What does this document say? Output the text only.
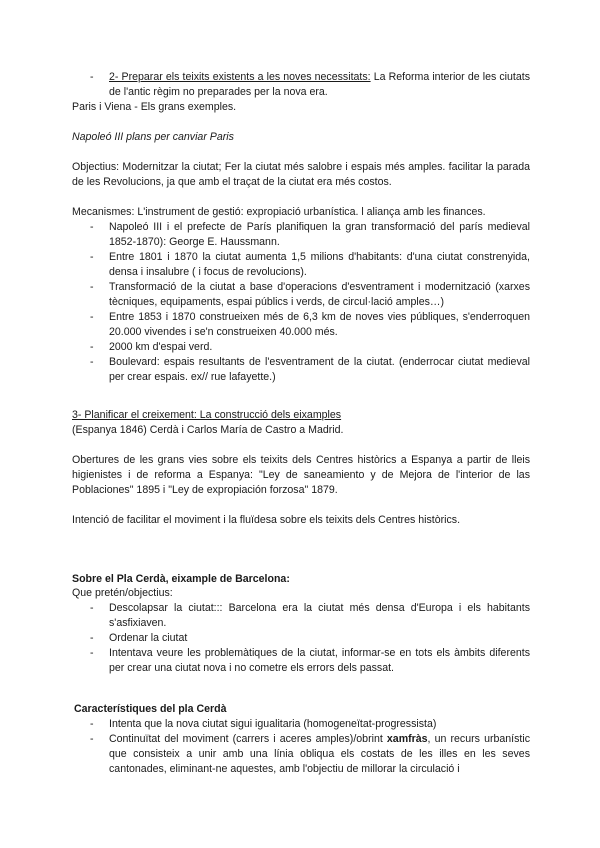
- 2- Preparar els teixits existents a les noves necessitats: La Reforma interior de les ciutats de l'antic règim no preparades per la nova era.

Paris i Viena - Els grans exemples.

Napoleó III plans per canviar Paris

Objectius: Modernitzar la ciutat; Fer la ciutat més salobre i espais més amples. facilitar la parada de les Revolucions, ja que amb el traçat de la ciutat era més costos.

Mecanismes: L'instrument de gestió: expropiació urbanística. l aliança amb les finances.

- Napoleó III i el prefecte de París planifiquen la gran transformació del parís medieval 1852-1870): George E. Haussmann.
- Entre 1801 i 1870 la ciutat aumenta 1,5 milions d'habitants: d'una ciutat constrenyida, densa i insalubre ( i focus de revolucions).
- Transformació de la ciutat a base d'operacions d'esventrament i modernització (xarxes tècniques, equipaments, espai públics i verds, de circul·lació amples…)
- Entre 1853 i 1870 construeixen més de 6,3 km de noves vies públiques, s'enderroquen 20.000 vivendes i se'n construeixen 40.000 més.
- 2000 km d'espai verd.
- Boulevard: espais resultants de l'esventrament de la ciutat. (enderrocar ciutat medieval per crear espais. ex// rue lafayette.)

3- Planificar el creixement: La construcció dels eixamples

(Espanya 1846) Cerdà i Carlos María de Castro a Madrid.

Obertures de les grans vies sobre els teixits dels Centres històrics a Espanya a partir de lleis higienistes i de reforma a Espanya: "Ley de saneamiento y de Mejora de l'interior de las Poblaciones" 1895 i "Ley de expropiación forzosa" 1879.

Intenció de facilitar el moviment i la fluïdesa sobre els teixits dels Centres històrics.

Sobre el Pla Cerdà, eixample de Barcelona:

Que pretén/objectius:

- Descolapsar la ciutat::: Barcelona era la ciutat més densa d'Europa i els habitants s'asfixiaven.
- Ordenar la ciutat
- Intentava veure les problemàtiques de la ciutat, informar-se en tots els àmbits diferents per crear una ciutat nova i no cometre els errors dels passat.

Característiques del pla Cerdà

- Intenta que la nova ciutat sigui igualitaria (homogeneïtat-progressista)
- Continuïtat del moviment (carrers i aceres amples)/obrint xamfràs, un recurs urbanístic que consisteix a unir amb una línia obliqua els costats de les illes en les seves cantonades, eliminant-ne aquestes, amb l'objectiu de millorar la circulació i
